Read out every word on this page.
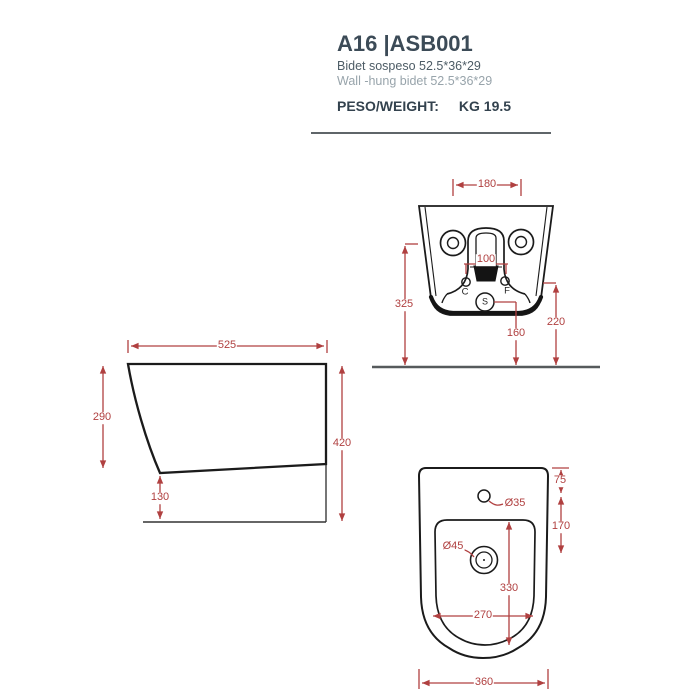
A16 |ASB001
Bidet sospeso 52.5*36*29
Wall -hung bidet 52.5*36*29
PESO/WEIGHT: KG 19.5
180
100
325
160
220
C	F
S
525
290
130
420
Ø35
Ø45
75
170
330
270
360
